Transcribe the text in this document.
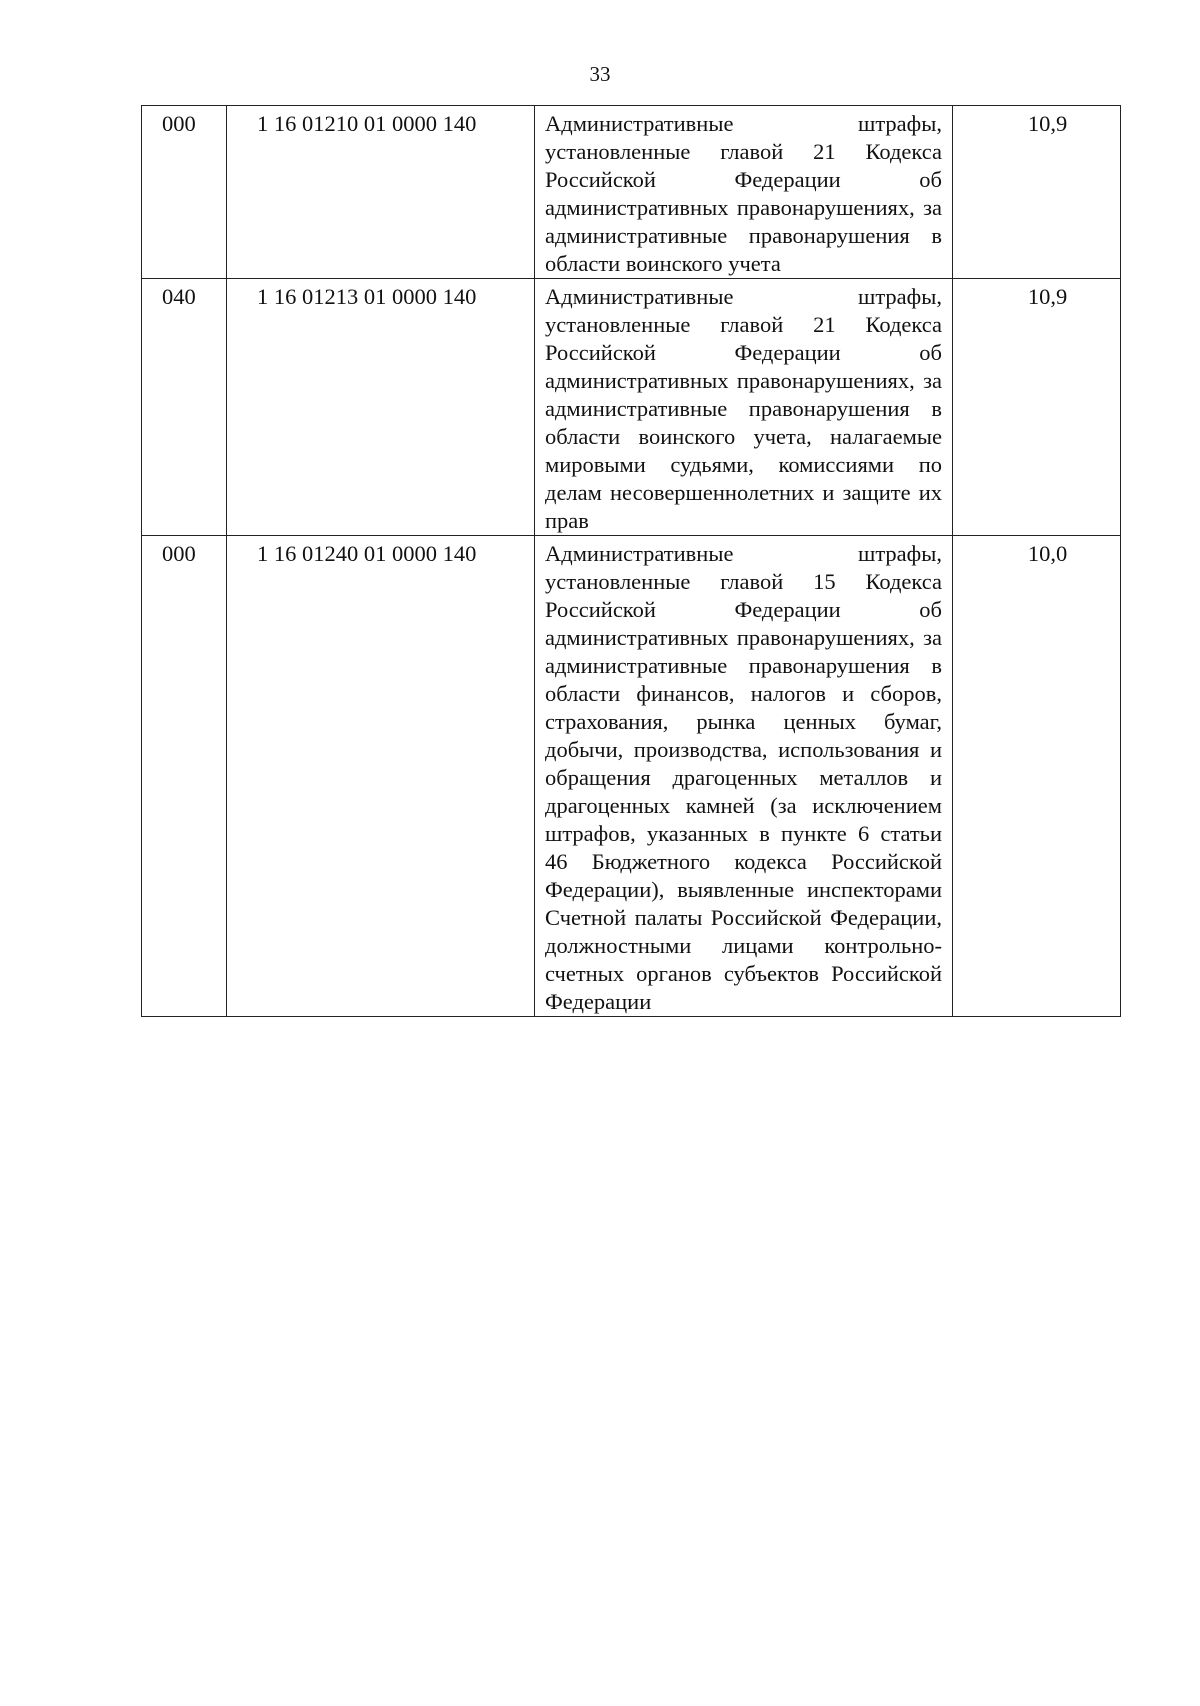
33
000	1 16 01210 01 0000 140	Административные штрафы, установленные главой 21 Кодекса Российской Федерации об административных правонарушениях, за административные правонарушения в области воинского учета	10,9
040	1 16 01213 01 0000 140	Административные штрафы, установленные главой 21 Кодекса Российской Федерации об административных правонарушениях, за административные правонарушения в области воинского учета, налагаемые мировыми судьями, комиссиями по делам несовершеннолетних и защите их прав	10,9
000	1 16 01240 01 0000 140	Административные штрафы, установленные главой 15 Кодекса Российской Федерации об административных правонарушениях, за административные правонарушения в области финансов, налогов и сборов, страхования, рынка ценных бумаг, добычи, производства, использования и обращения драгоценных металлов и драгоценных камней (за исключением штрафов, указанных в пункте 6 статьи 46 Бюджетного кодекса Российской Федерации), выявленные инспекторами Счетной палаты Российской Федерации, должностными лицами контрольно-счетных органов субъектов Российской Федерации	10,0
